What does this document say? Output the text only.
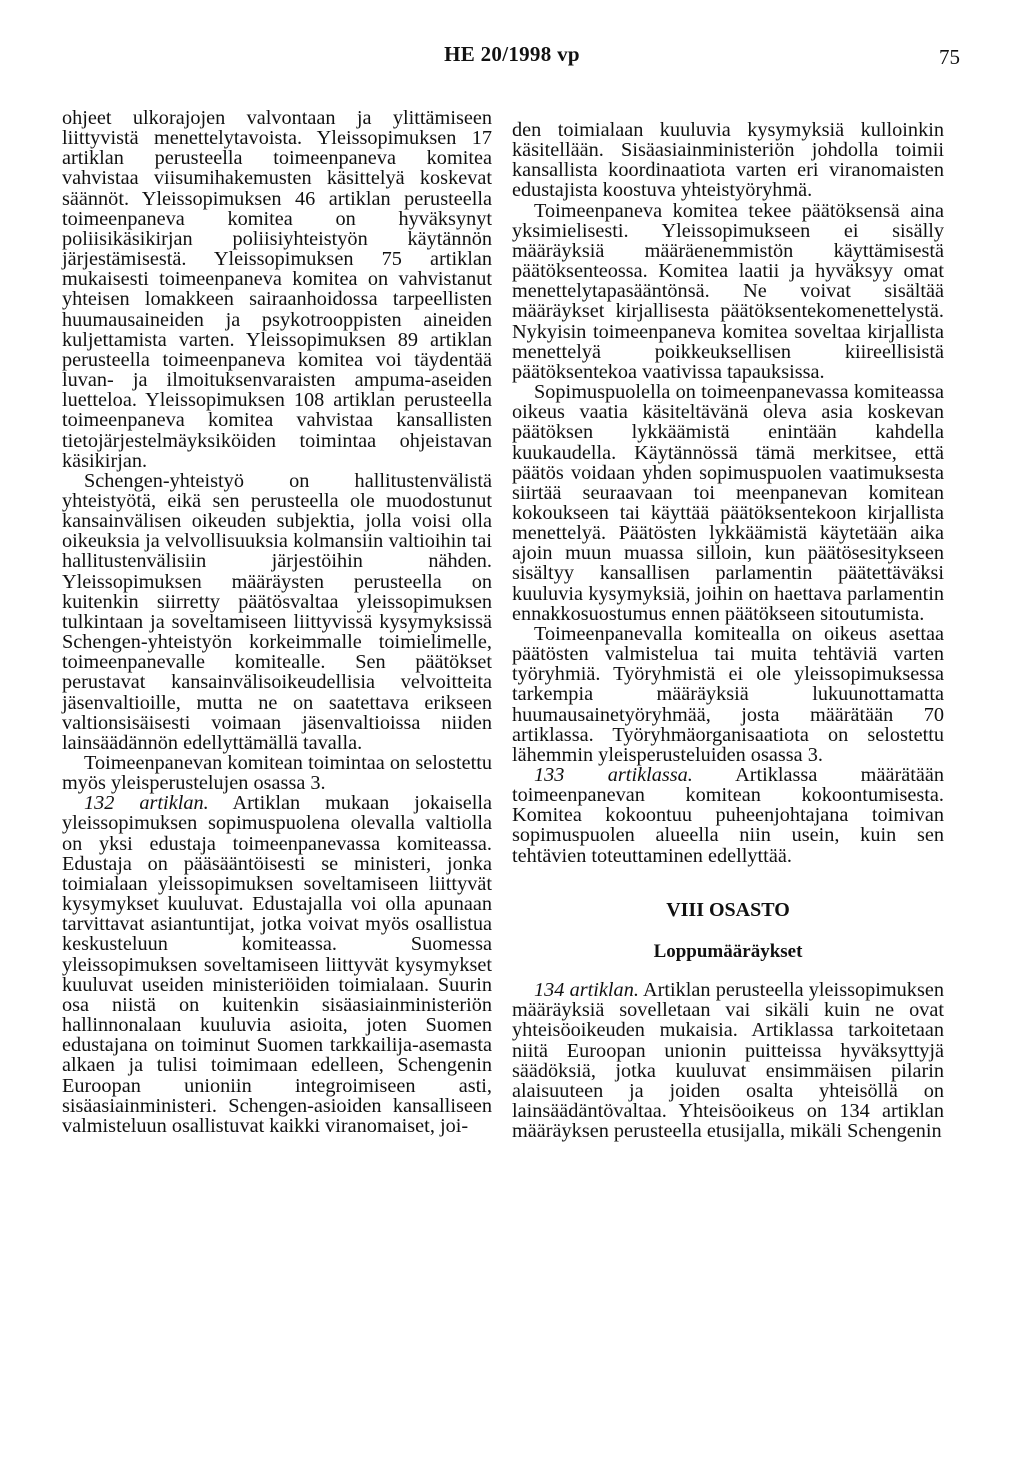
HE 20/1998 vp	75

ohjeet ulkorajojen valvontaan ja ylittämiseen liittyvistä menettelytavoista. Yleissopimuksen 17 artiklan perusteella toimeenpaneva komitea vahvistaa viisumihakemusten käsittelyä koskevat säännöt. Yleissopimuksen 46 artiklan perusteella toimeenpaneva komitea on hyväksynyt poliisikäsikirjan poliisiyhteistyön käytännön järjestämisestä. Yleissopimuksen 75 artiklan mukaisesti toimeenpaneva komitea on vahvistanut yhteisen lomakkeen sairaanhoidossa tarpeellisten huumausaineiden ja psykotrooppisten aineiden kuljettamista varten. Yleissopimuksen 89 artiklan perusteella toimeenpaneva komitea voi täydentää luvan- ja ilmoituksenvaraisten ampuma-aseiden luetteloa. Yleissopimuksen 108 artiklan perusteella toimeenpaneva komitea vahvistaa kansallisten tietojärjestelmäyksiköiden toimintaa ohjeistavan käsikirjan.

Schengen-yhteistyö on hallitustenvälistä yhteistyötä, eikä sen perusteella ole muodostunut kansainvälisen oikeuden subjektia, jolla voisi olla oikeuksia ja velvollisuuksia kolmansiin valtioihin tai hallitustenvälisiin järjestöihin nähden. Yleissopimuksen määräysten perusteella on kuitenkin siirretty päätösvaltaa yleissopimuksen tulkintaan ja soveltamiseen liittyvissä kysymyksissä Schengen-yhteistyön korkeimmalle toimielimelle, toimeenpanevalle komitealle. Sen päätökset perustavat kansainvälisoikeudellisia velvoitteita jäsenvaltioille, mutta ne on saatettava erikseen valtionsisäisesti voimaan jäsenvaltioissa niiden lainsäädännön edellyttämällä tavalla.

Toimeenpanevan komitean toimintaa on selostettu myös yleisperustelujen osassa 3.

132 artiklan. Artiklan mukaan jokaisella yleissopimuksen sopimuspuolena olevalla valtiolla on yksi edustaja toimeenpanevassa komiteassa. Edustaja on pääsääntöisesti se ministeri, jonka toimialaan yleissopimuksen soveltamiseen liittyvät kysymykset kuuluvat. Edustajalla voi olla apunaan tarvittavat asiantuntijat, jotka voivat myös osallistua keskusteluun komiteassa. Suomessa yleissopimuksen soveltamiseen liittyvät kysymykset kuuluvat useiden ministeriöiden toimialaan. Suurin osa niistä on kuitenkin sisäasiainministeriön hallinnonalaan kuuluvia asioita, joten Suomen edustajana on toiminut Suomen tarkkailija-asemasta alkaen ja tulisi toimimaan edelleen, Schengenin Euroopan unioniin integroimiseen asti, sisäasiainministeri. Schengen-asioiden kansalliseen valmisteluun osallistuvat kaikki viranomaiset, joi-

den toimialaan kuuluvia kysymyksiä kulloinkin käsitellään. Sisäasiainministeriön johdolla toimii kansallista koordinaatiota varten eri viranomaisten edustajista koostuva yhteistyöryhmä.

Toimeenpaneva komitea tekee päätöksensä aina yksimielisesti. Yleissopimukseen ei sisälly määräyksiä määräenemmistön käyttämisestä päätöksenteossa. Komitea laatii ja hyväksyy omat menettelytapasääntönsä. Ne voivat sisältää määräykset kirjallisesta päätöksentekomenettelystä. Nykyisin toimeenpaneva komitea soveltaa kirjallista menettelyä poikkeuksellisen kiireellisistä päätöksentekoa vaativissa tapauksissa.

Sopimuspuolella on toimeenpanevassa komiteassa oikeus vaatia käsiteltävänä oleva asia koskevan päätöksen lykkäämistä enintään kahdella kuukaudella. Käytännössä tämä merkitsee, että päätös voidaan yhden sopimuspuolen vaatimuksesta siirtää seuraavaan toi meenpanevan komitean kokoukseen tai käyttää päätöksentekoon kirjallista menettelyä. Päätösten lykkäämistä käytetään aika ajoin muun muassa silloin, kun päätösesitykseen sisältyy kansallisen parlamentin päätettäväksi kuuluvia kysymyksiä, joihin on haettava parlamentin ennakkosuostumus ennen päätökseen sitoutumista.

Toimeenpanevalla komitealla on oikeus asettaa päätösten valmistelua tai muita tehtäviä varten työryhmiä. Työryhmistä ei ole yleissopimuksessa tarkempia määräyksiä lukuunottamatta huumausainetyöryhmää, josta määrätään 70 artiklassa. Työryhmäorganisaatiota on selostettu lähemmin yleisperusteluiden osassa 3.

133 artiklassa. Artiklassa määrätään toimeenpanevan komitean kokoontumisesta. Komitea kokoontuu puheenjohtajana toimivan sopimuspuolen alueella niin usein, kuin sen tehtävien toteuttaminen edellyttää.

VIII OSASTO
Loppumääräykset

134 artiklan. Artiklan perusteella yleissopimuksen määräyksiä sovelletaan vai sikäli kuin ne ovat yhteisöoikeuden mukaisia. Artiklassa tarkoitetaan niitä Euroopan unionin puitteissa hyväksyttyjä säädöksiä, jotka kuuluvat ensimmäisen pilarin alaisuuteen ja joiden osalta yhteisöllä on lainsäädäntövaltaa. Yhteisöoikeus on 134 artiklan määräyksen perusteella etusijalla, mikäli Schengenin
